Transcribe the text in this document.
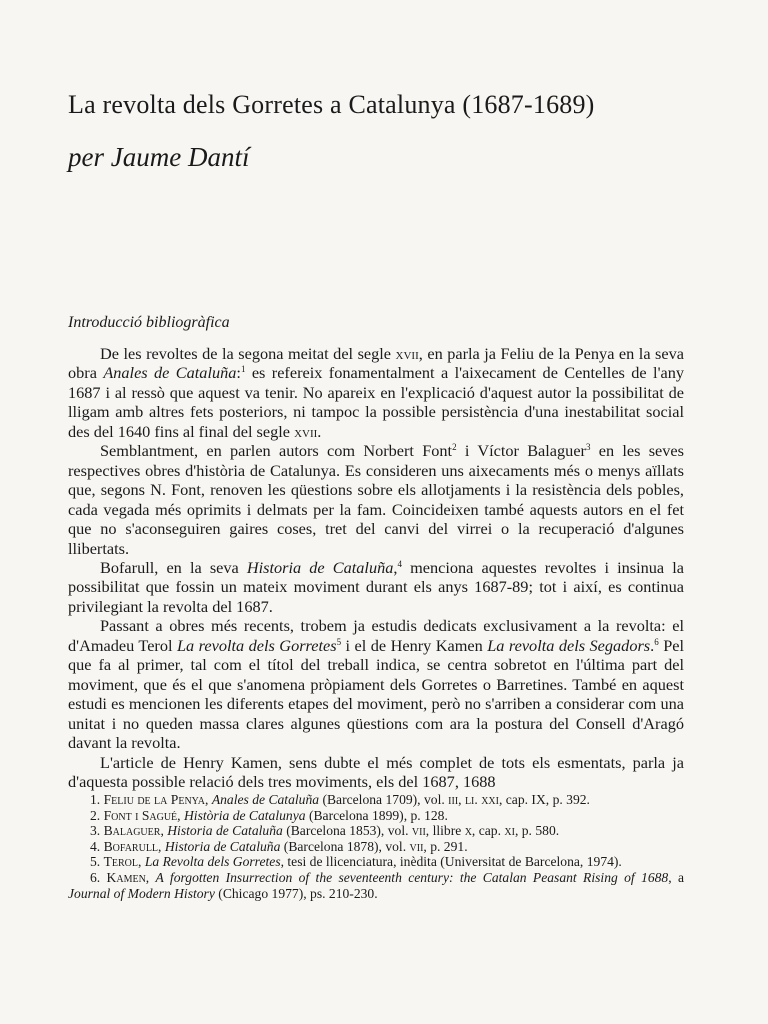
La revolta dels Gorretes a Catalunya (1687-1689)
per Jaume Dantí
Introducció bibliogràfica

De les revoltes de la segona meitat del segle xvii, en parla ja Feliu de la Penya en la seva obra Anales de Cataluña:$^1$ es refereix fonamentalment a l'aixecament de Centelles de l'any 1687 i al ressò que aquest va tenir. No apareix en l'explicació d'aquest autor la possibilitat de lligam amb altres fets posteriors, ni tampoc la possible persistència d'una inestabilitat social des del 1640 fins al final del segle xvii.

Semblantment, en parlen autors com Norbert Font$^2$ i Víctor Balaguer$^3$ en les seves respectives obres d'història de Catalunya. Es consideren uns aixecaments més o menys aïllats que, segons N. Font, renoven les qüestions sobre els allotjaments i la resistència dels pobles, cada vegada més oprimits i delmats per la fam. Coincideixen també aquests autors en el fet que no s'aconseguiren gaires coses, tret del canvi del virrei o la recuperació d'algunes llibertats.

Bofarull, en la seva Historia de Cataluña,$^4$ menciona aquestes revoltes i insinua la possibilitat que fossin un mateix moviment durant els anys 1687-89; tot i així, es continua privilegiant la revolta del 1687.

Passant a obres més recents, trobem ja estudis dedicats exclusivament a la revolta: el d'Amadeu Terol La revolta dels Gorretes$^5$ i el de Henry Kamen La revolta dels Segadors.$^6$ Pel que fa al primer, tal com el títol del treball indica, se centra sobretot en l'última part del moviment, que és el que s'anomena pròpiament dels Gorretes o Barretines. També en aquest estudi es mencionen les diferents etapes del moviment, però no s'arriben a considerar com una unitat i no queden massa clares algunes qüestions com ara la postura del Consell d'Aragó davant la revolta.

L'article de Henry Kamen, sens dubte el més complet de tots els esmentats, parla ja d'aquesta possible relació dels tres moviments, els del 1687, 1688

1. Feliu de la Penya, Anales de Cataluña (Barcelona 1709), vol. iii, li. xxi, cap. IX, p. 392.

2. Font i Sagué, Història de Catalunya (Barcelona 1899), p. 128.

3. Balaguer, Historia de Cataluña (Barcelona 1853), vol. vii, llibre x, cap. xi, p. 580.

4. Bofarull, Historia de Cataluña (Barcelona 1878), vol. vii, p. 291.

5. Terol, La Revolta dels Gorretes, tesi de llicenciatura, inèdita (Universitat de Barcelona, 1974).

6. Kamen, A forgotten Insurrection of the seventeenth century: the Catalan Peasant Rising of 1688, a Journal of Modern History (Chicago 1977), ps. 210-230.
